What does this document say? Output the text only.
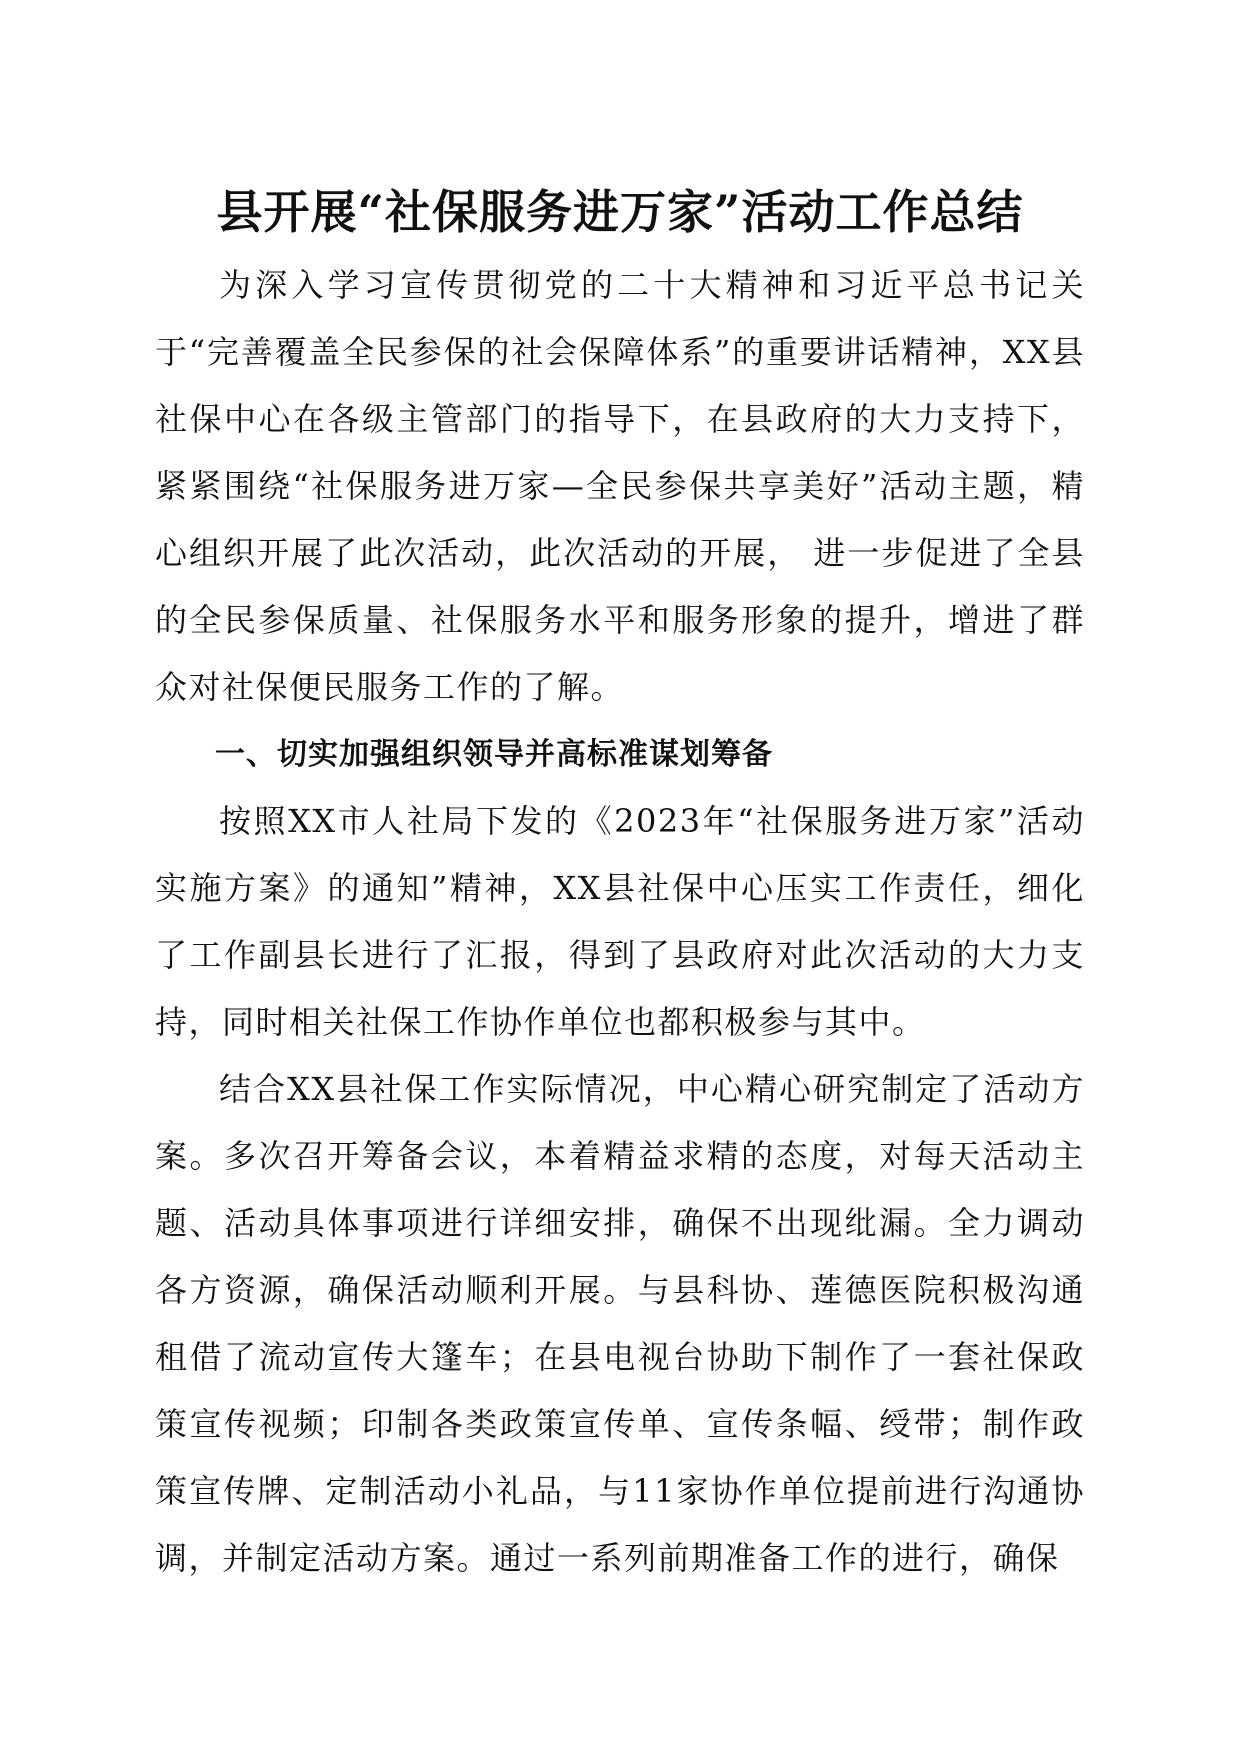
县开展“社保服务进万家”活动工作总结

为深入学习宣传贯彻党的二十大精神和习近平总书记关于“完善覆盖全民参保的社会保障体系”的重要讲话精神，XX县社保中心在各级主管部门的指导下，在县政府的大力支持下，紧紧围绕“社保服务进万家—全民参保共享美好”活动主题，精心组织开展了此次活动，此次活动的开展， 进一步促进了全县的全民参保质量、社保服务水平和服务形象的提升，增进了群众对社保便民服务工作的了解。

一、切实加强组织领导并高标准谋划筹备

按照XX市人社局下发的《2023年“社保服务进万家”活动实施方案》的通知”精神，XX县社保中心压实工作责任，细化了工作副县长进行了汇报，得到了县政府对此次活动的大力支持，同时相关社保工作协作单位也都积极参与其中。

结合XX县社保工作实际情况，中心精心研究制定了活动方案。多次召开筹备会议，本着精益求精的态度，对每天活动主题、活动具体事项进行详细安排，确保不出现纰漏。全力调动各方资源，确保活动顺利开展。与县科协、莲德医院积极沟通租借了流动宣传大篷车；在县电视台协助下制作了一套社保政策宣传视频；印制各类政策宣传单、宣传条幅、绶带；制作政策宣传牌、定制活动小礼品，与11家协作单位提前进行沟通协调，并制定活动方案。通过一系列前期准备工作的进行，确保
